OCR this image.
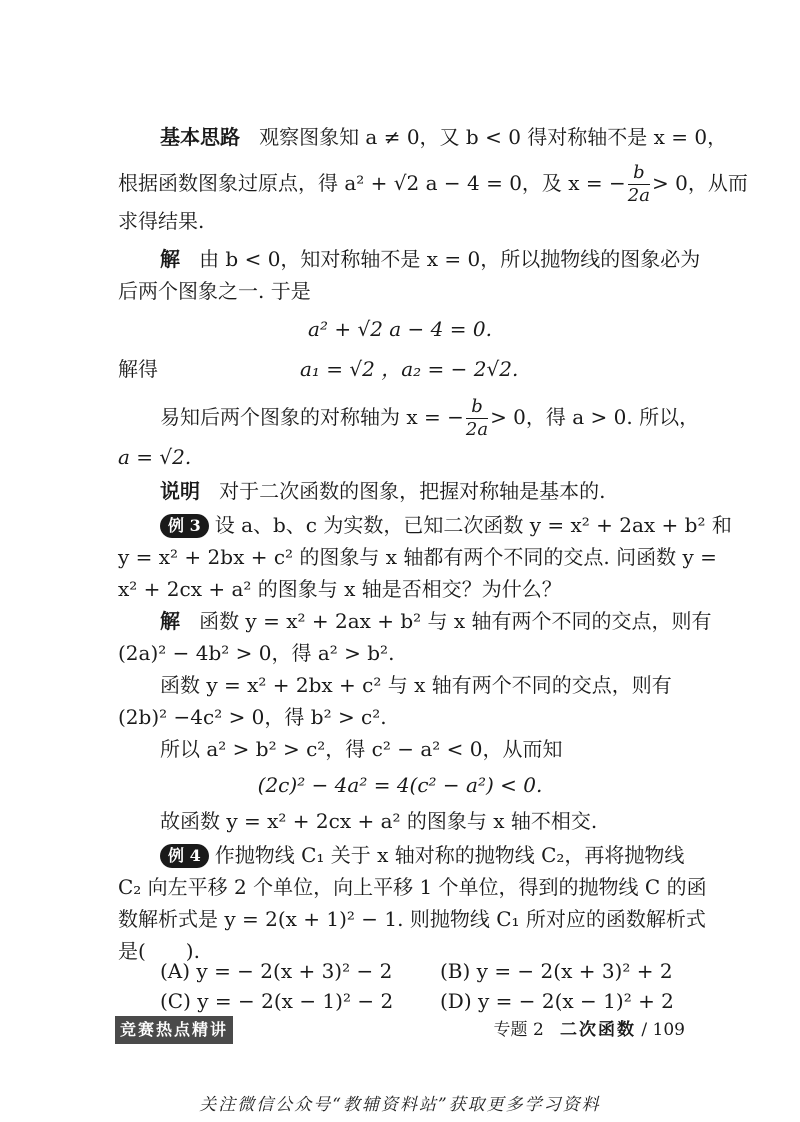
基本思路 观察图象知 a ≠ 0，又 b < 0 得对称轴不是 x = 0，
根据函数图象过原点，得 a² + √2 a − 4 = 0，及 x = − $\frac{b}{2a} > 0$，从而
求得结果.
解 由 b < 0，知对称轴不是 x = 0，所以抛物线的图象必为
后两个图象之一. 于是
a² + √2 a − 4 = 0.
解得	a₁ = √2 ，a₂ = − 2√2.
易知后两个图象的对称轴为 x = − $\frac{b}{2a} > 0$，得 a > 0. 所以，
a = √2.
说明 对于二次函数的图象，把握对称轴是基本的.
例 3 设 a、b、c 为实数，已知二次函数 y = x² + 2ax + b² 和
y = x² + 2bx + c² 的图象与 x 轴都有两个不同的交点. 问函数 y =
x² + 2cx + a² 的图象与 x 轴是否相交？为什么？
解 函数 y = x² + 2ax + b² 与 x 轴有两个不同的交点，则有
(2a)² − 4b² > 0，得 a² > b².
函数 y = x² + 2bx + c² 与 x 轴有两个不同的交点，则有
(2b)² −4c² > 0，得 b² > c².
所以 a² > b² > c²，得 c² − a² < 0，从而知
(2c)² − 4a² = 4(c² − a²) < 0.
故函数 y = x² + 2cx + a² 的图象与 x 轴不相交.
例 4 作抛物线 C₁ 关于 x 轴对称的抛物线 C₂，再将抛物线
C₂ 向左平移 2 个单位，向上平移 1 个单位，得到的抛物线 C 的函
数解析式是 y = 2(x + 1)² − 1. 则抛物线 C₁ 所对应的函数解析式
是(　　).
(A) y = − 2(x + 3)² − 2 (B) y = − 2(x + 3)² + 2
(C) y = − 2(x − 1)² − 2 (D) y = − 2(x − 1)² + 2
竞赛热点精讲	专题 2 二次函数 / 109
关注微信公众号“教辅资料站”获取更多学习资料
